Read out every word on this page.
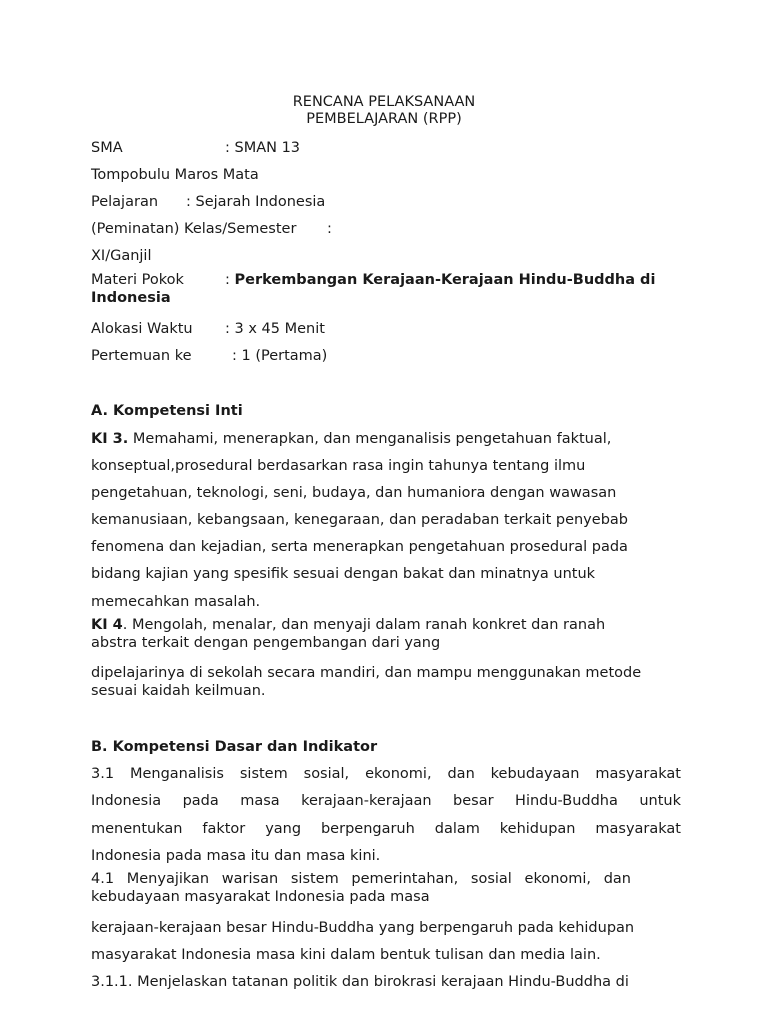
RENCANA PELAKSANAAN
PEMBELAJARAN (RPP)
SMA	: SMAN 13
Tompobulu Maros Mata
Pelajaran : Sejarah Indonesia
(Peminatan) Kelas/Semester :
XI/Ganjil
Materi Pokok	: Perkembangan Kerajaan-Kerajaan Hindu-Buddha di
Indonesia
Alokasi Waktu : 3 x 45 Menit
Pertemuan ke	: 1 (Pertama)
A. Kompetensi Inti
KI 3. Memahami, menerapkan, dan menganalisis pengetahuan faktual,
konseptual,prosedural berdasarkan rasa ingin tahunya tentang ilmu
pengetahuan, teknologi, seni, budaya, dan humaniora dengan wawasan
kemanusiaan, kebangsaan, kenegaraan, dan peradaban terkait penyebab
fenomena dan kejadian, serta menerapkan pengetahuan prosedural pada
bidang kajian yang spesifik sesuai dengan bakat dan minatnya untuk
memecahkan masalah.
KI 4. Mengolah, menalar, dan menyaji dalam ranah konkret dan ranah
abstra terkait dengan pengembangan dari yang
dipelajarinya di sekolah secara mandiri, dan mampu menggunakan metode
sesuai kaidah keilmuan.
B. Kompetensi Dasar dan Indikator
3.1 Menganalisis sistem sosial, ekonomi, dan kebudayaan masyarakat
Indonesia pada masa kerajaan-kerajaan besar Hindu-Buddha untuk
menentukan faktor yang berpengaruh dalam kehidupan masyarakat
Indonesia pada masa itu dan masa kini.
4.1 Menyajikan warisan sistem pemerintahan, sosial ekonomi, dan
kebudayaan masyarakat Indonesia pada masa
kerajaan-kerajaan besar Hindu-Buddha yang berpengaruh pada kehidupan
masyarakat Indonesia masa kini dalam bentuk tulisan dan media lain.
3.1.1. Menjelaskan tatanan politik dan birokrasi kerajaan Hindu-Buddha di
